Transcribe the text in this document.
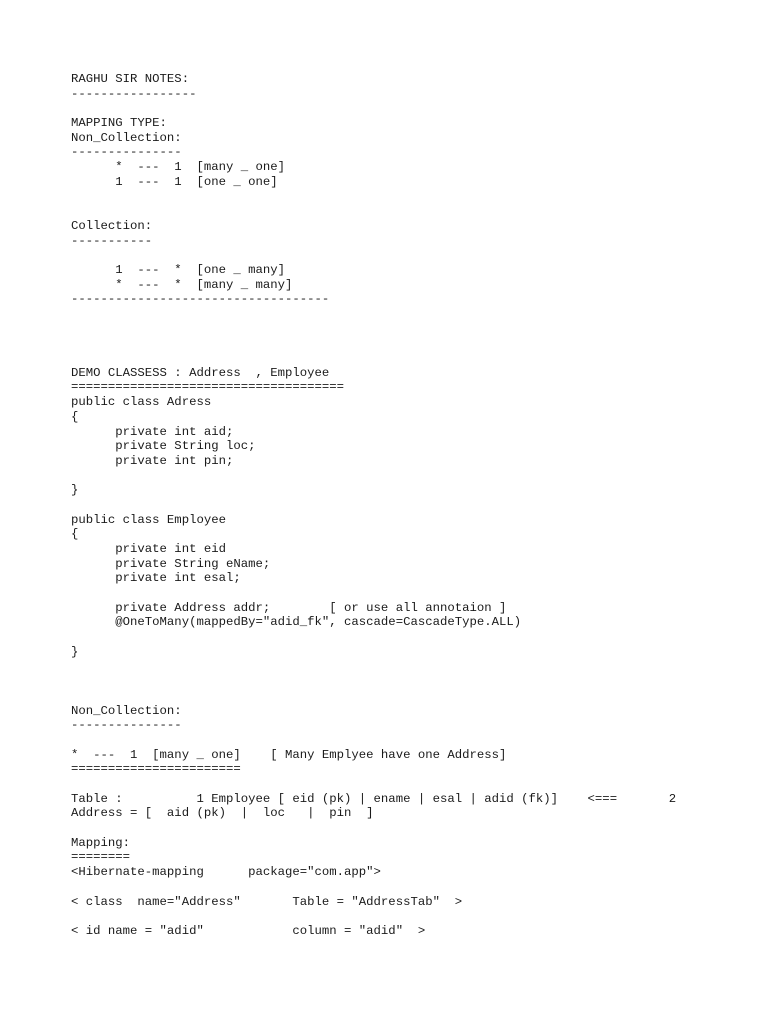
RAGHU SIR NOTES:
-----------------
MAPPING TYPE:
Non_Collection:
---------------
*  ---  1  [many _ one]
1  ---  1  [one _ one]
Collection:
-----------
1  ---  *  [one _ many]
*  ---  *  [many _ many]
-----------------------------------
DEMO CLASSESS : Address  , Employee
=====================================
public class Adress
{
private int aid;
private String loc;
private int pin;
}
public class Employee
{
private int eid
private String eName;
private int esal;
private Address addr;        [ or use all annotaion ]
@OneToMany(mappedBy="adid_fk", cascade=CascadeType.ALL)
}
Non_Collection:
---------------
*  ---  1  [many _ one]    [ Many Emplyee have one Address]
=======================
Table :          1 Employee [ eid (pk) | ename | esal | adid (fk)]    <===       2
Address = [  aid (pk)  |  loc   |  pin  ]
Mapping:
========
<Hibernate-mapping      package="com.app">
< class  name="Address"       Table = "AddressTab"  >
< id name = "adid"            column = "adid"  >
